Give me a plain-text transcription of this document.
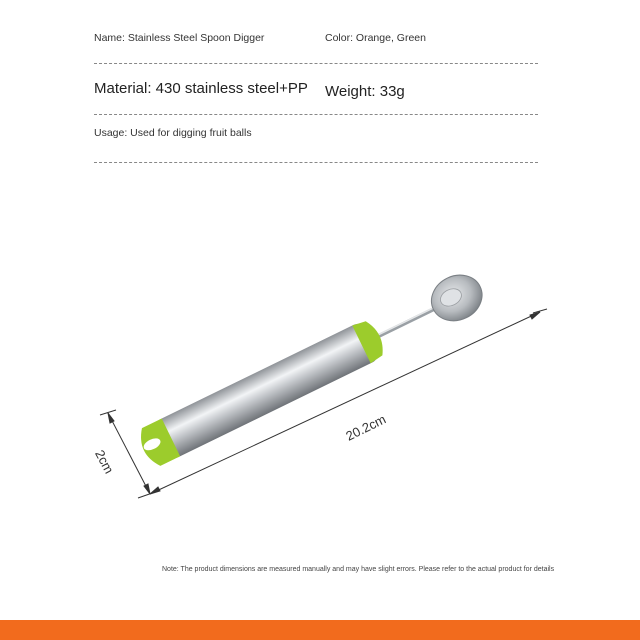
Name: Stainless Steel Spoon Digger	Color: Orange, Green
Material: 430 stainless steel+PP Weight: 33g
Usage: Used for digging fruit balls
20.2cm
2cm
Note: The product dimensions are measured manually and may have slight errors. Please refer to the actual product for details
